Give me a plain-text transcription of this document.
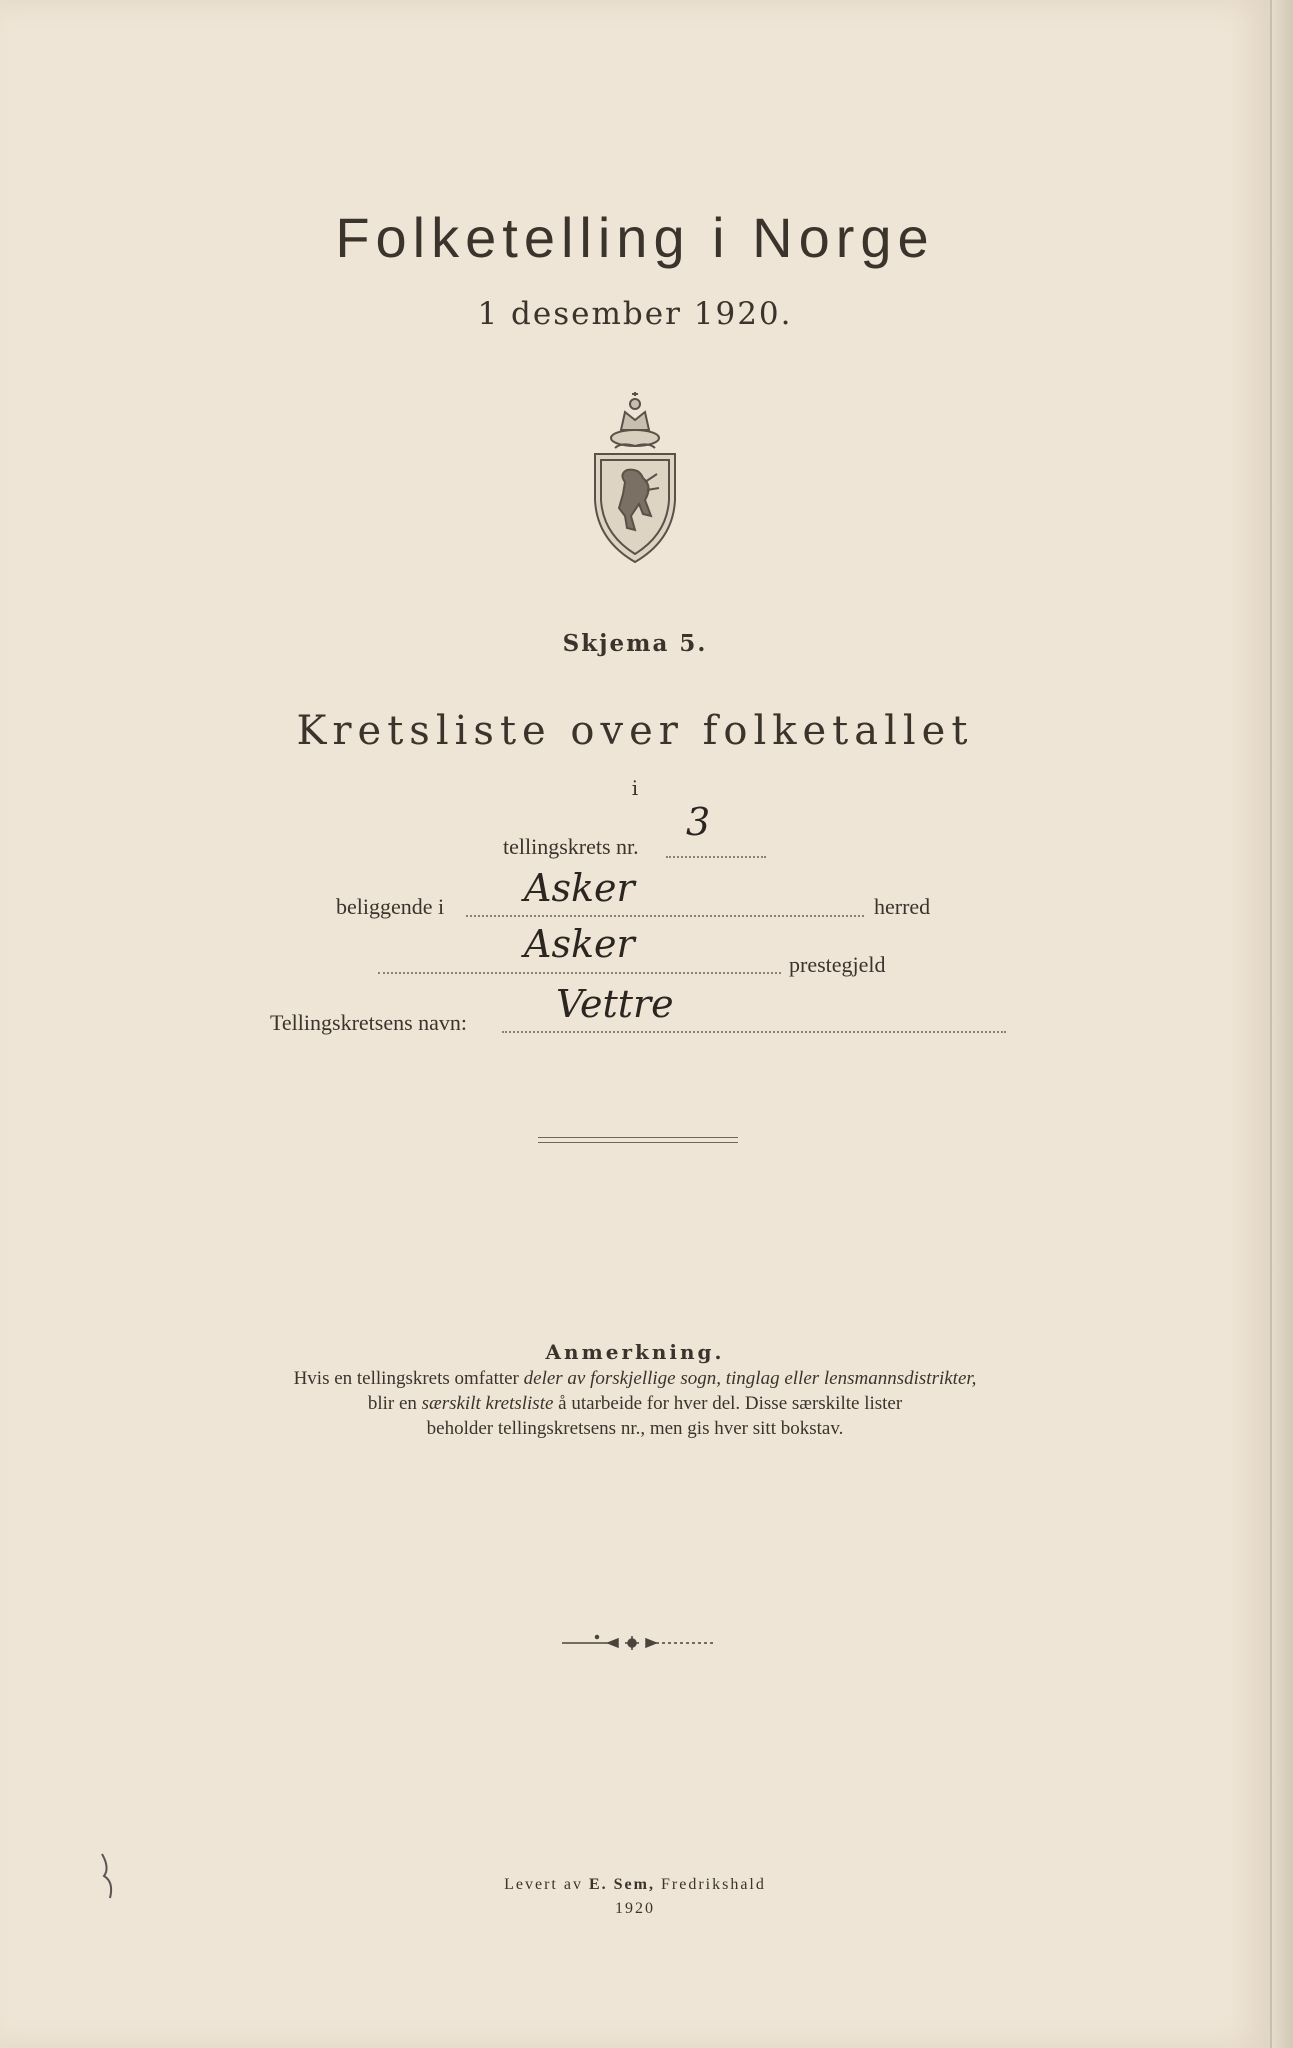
Folketelling i Norge
1 desember 1920.
Skjema 5.
Kretsliste over folketallet
i
tellingskrets nr.
3
beliggende i Asker	herred
Asker	prestegjeld
Tellingskretsens navn: Vettre
Anmerkning.
Hvis en tellingskrets omfatter deler av forskjellige sogn, tinglag eller lensmannsdistrikter,
blir en særskilt kretsliste å utarbeide for hver del. Disse særskilte lister
beholder tellingskretsens nr., men gis hver sitt bokstav.
Levert av E. Sem, Fredrikshald
1920
